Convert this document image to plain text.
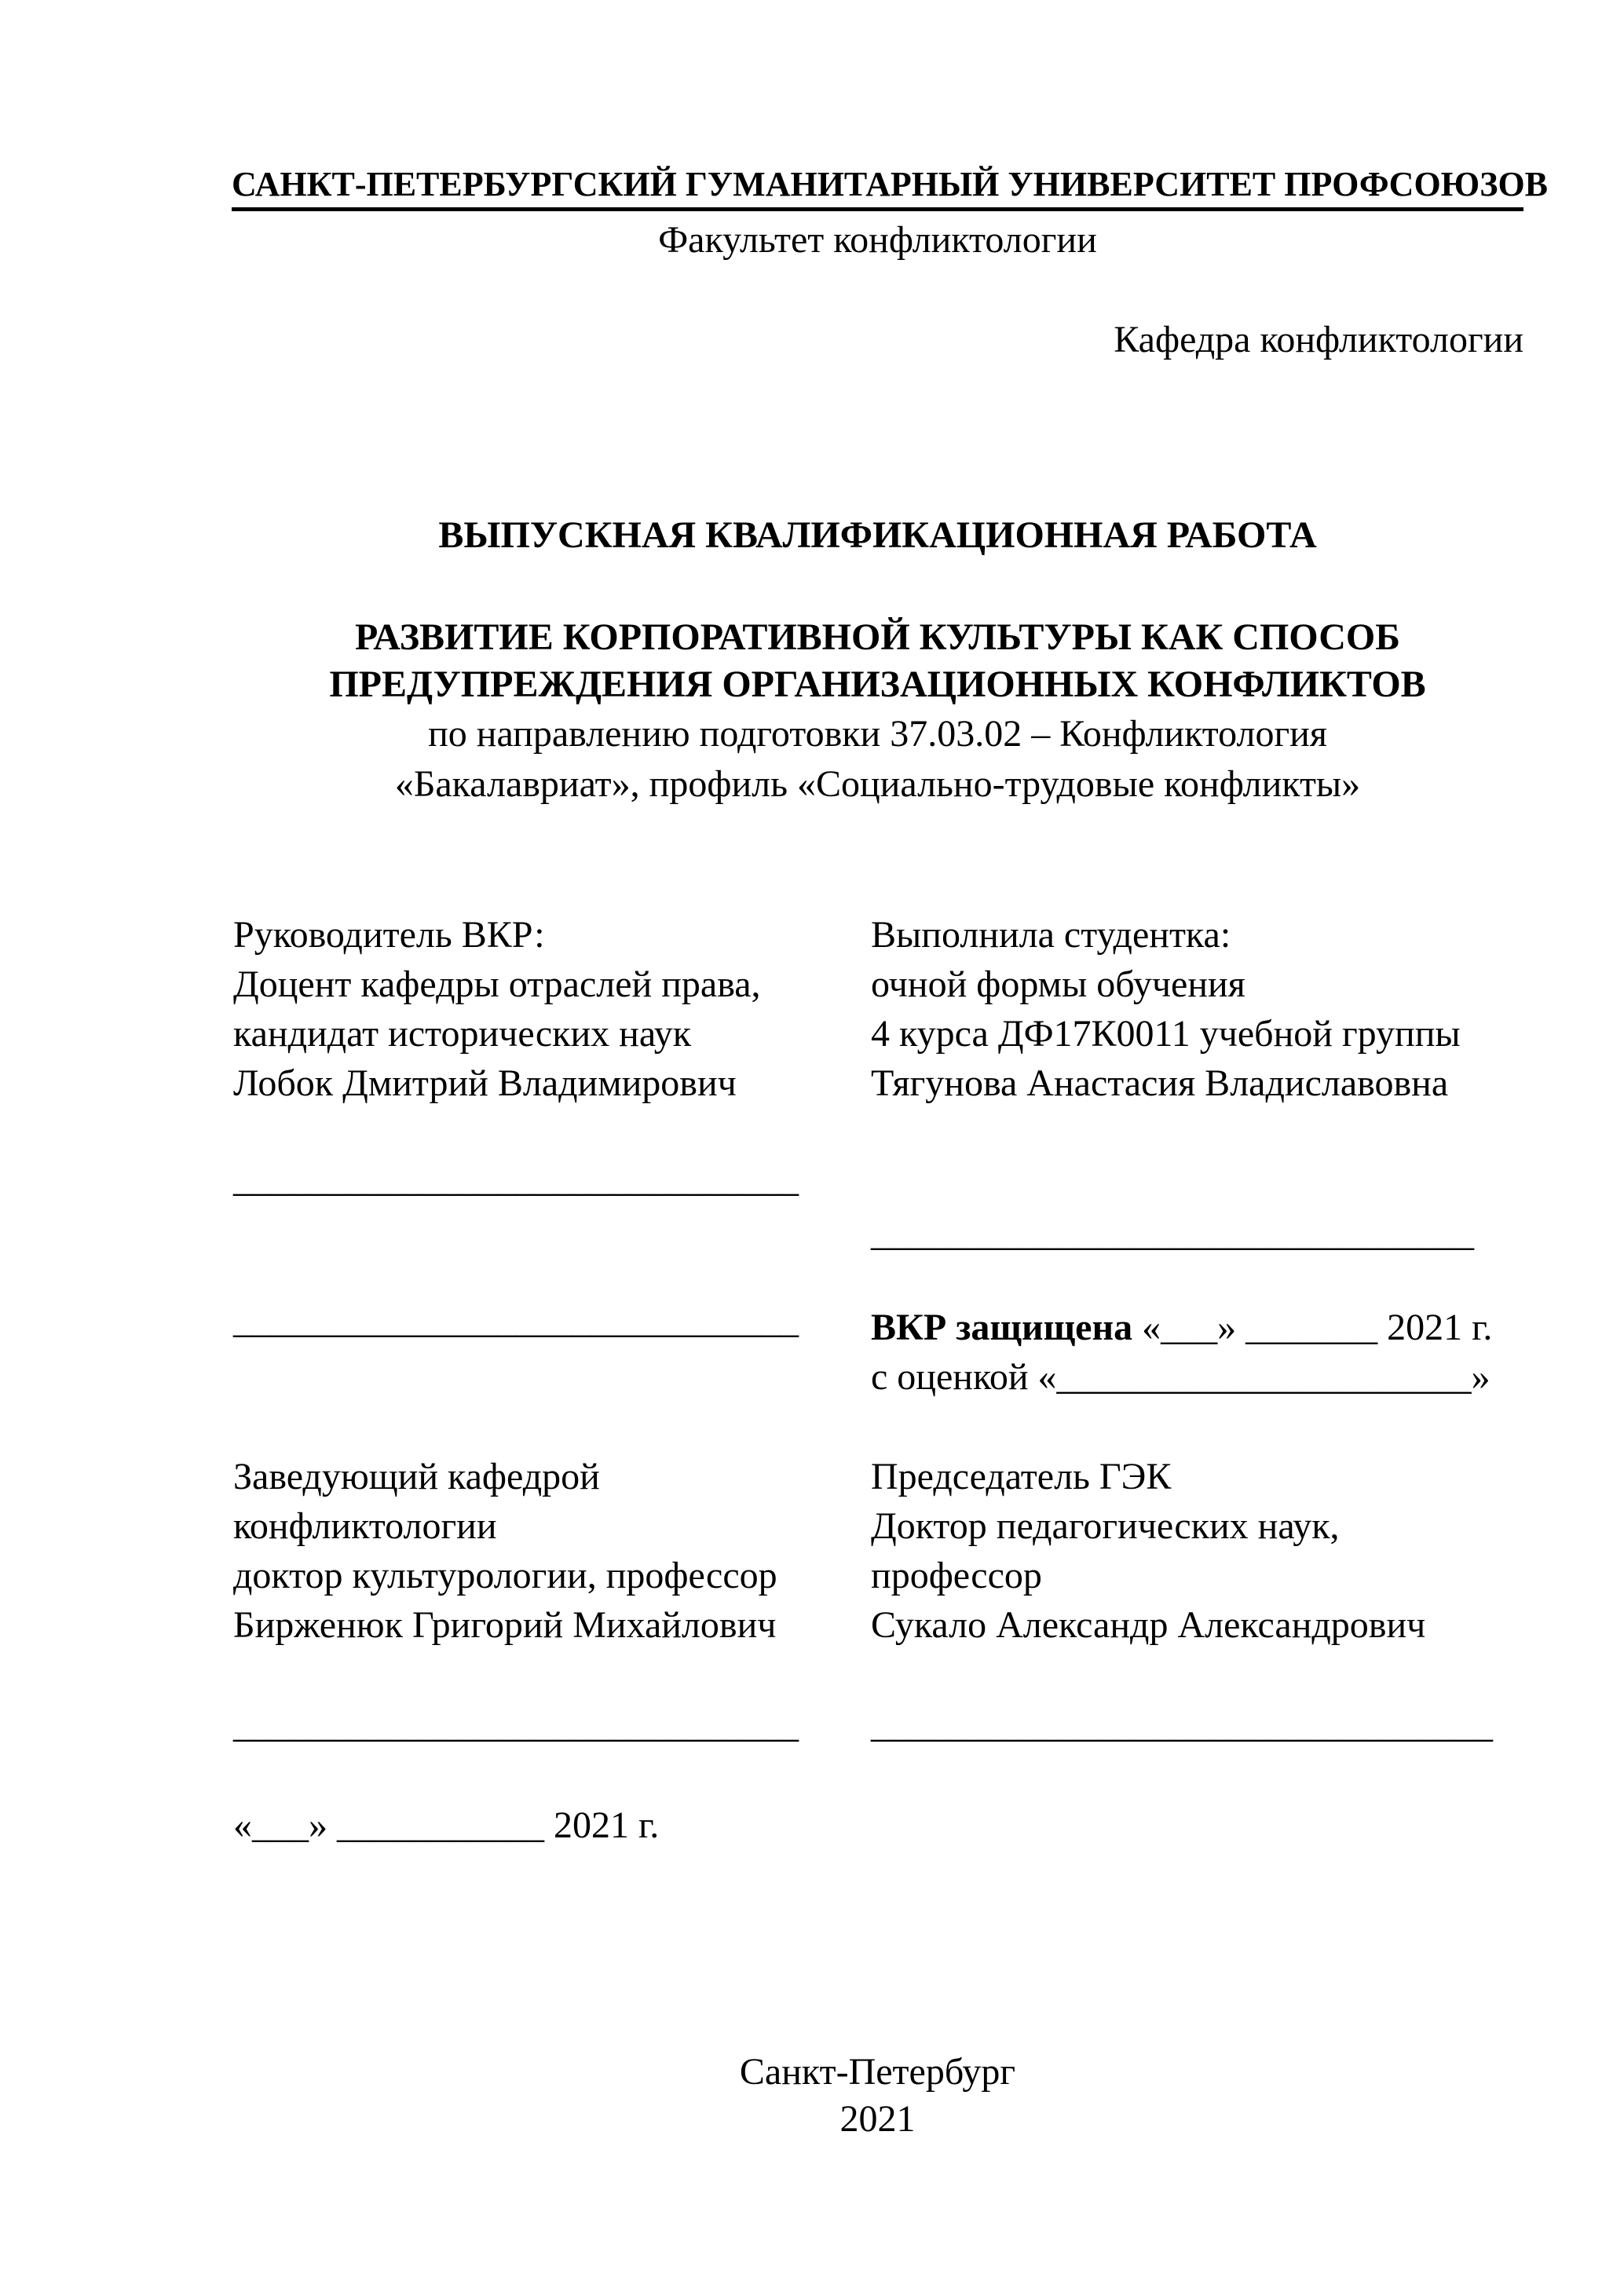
САНКТ-ПЕТЕРБУРГСКИЙ ГУМАНИТАРНЫЙ УНИВЕРСИТЕТ ПРОФСОЮЗОВ
Факультет конфликтологии
Кафедра конфликтологии
ВЫПУСКНАЯ КВАЛИФИКАЦИОННАЯ РАБОТА
РАЗВИТИЕ КОРПОРАТИВНОЙ КУЛЬТУРЫ КАК СПОСОБ
ПРЕДУПРЕЖДЕНИЯ ОРГАНИЗАЦИОННЫХ КОНФЛИКТОВ
по направлению подготовки 37.03.02 – Конфликтология
«Бакалавриат», профиль «Социально-трудовые конфликты»
Руководитель ВКР:
Доцент кафедры отраслей права,
кандидат исторических наук
Лобок Дмитрий Владимирович
Выполнила студентка:
очной формы обучения
4 курса ДФ17К0011 учебной группы
Тягунова Анастасия Владиславовна
______________________________
________________________________
______________________________ ВКР защищена «___» _______ 2021 г.
с оценкой «______________________»
Заведующий кафедрой
конфликтологии
доктор культурологии, профессор
Бирженюк Григорий Михайлович
Председатель ГЭК
Доктор педагогических наук,
профессор
Сукало Александр Александрович
______________________________ _________________________________
«___» ___________ 2021 г.
Санкт-Петербург
2021
